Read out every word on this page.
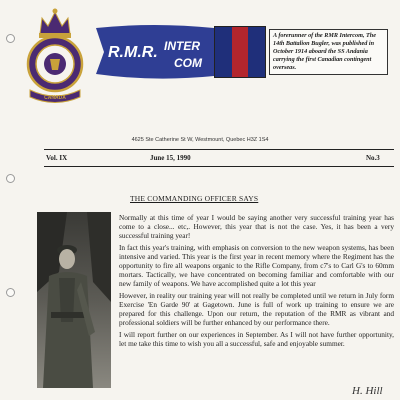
CANADA
R.M.R. INTER
COM
A forerunner of the RMR Intercom, The 14th Battalion Bugler, was published in October 1914 aboard the SS Andania carrying the first Canadian contingent overseas.
4625 Ste Catherine St W, Westmount, Quebec H3Z 1S4
Vol. IX	June 15, 1990	No.3
THE COMMANDING OFFICER SAYS

Normally at this time of year I would be saying another very successful training year has come to a close... etc,. However, this year that is not the case. Yes, it has been a very successful training year!

In fact this year's training, with emphasis on conversion to the new weapon systems, has been intensive and varied. This year is the first year in recent memory where the Regiment has the opportunity to fire all weapons organic to the Rifle Company, from c7's to Carl G's to 60mm mortars. Tactically, we have concentrated on becoming familiar and comfortable with our new family of weapons. We have accomplished quite a lot this year

However, in reality our training year will not really be completed until we return in July form Exercise 'En Garde 90' at Gagetown. June is full of work up training to ensure we are prepared for this challenge. Upon our return, the reputation of the RMR as vibrant and professional soldiers will be further enhanced by our performance there.

I will report further on our experiences in September. As I will not have further opportunity, let me take this time to wish you all a successful, safe and enjoyable summer.

H. Hill
